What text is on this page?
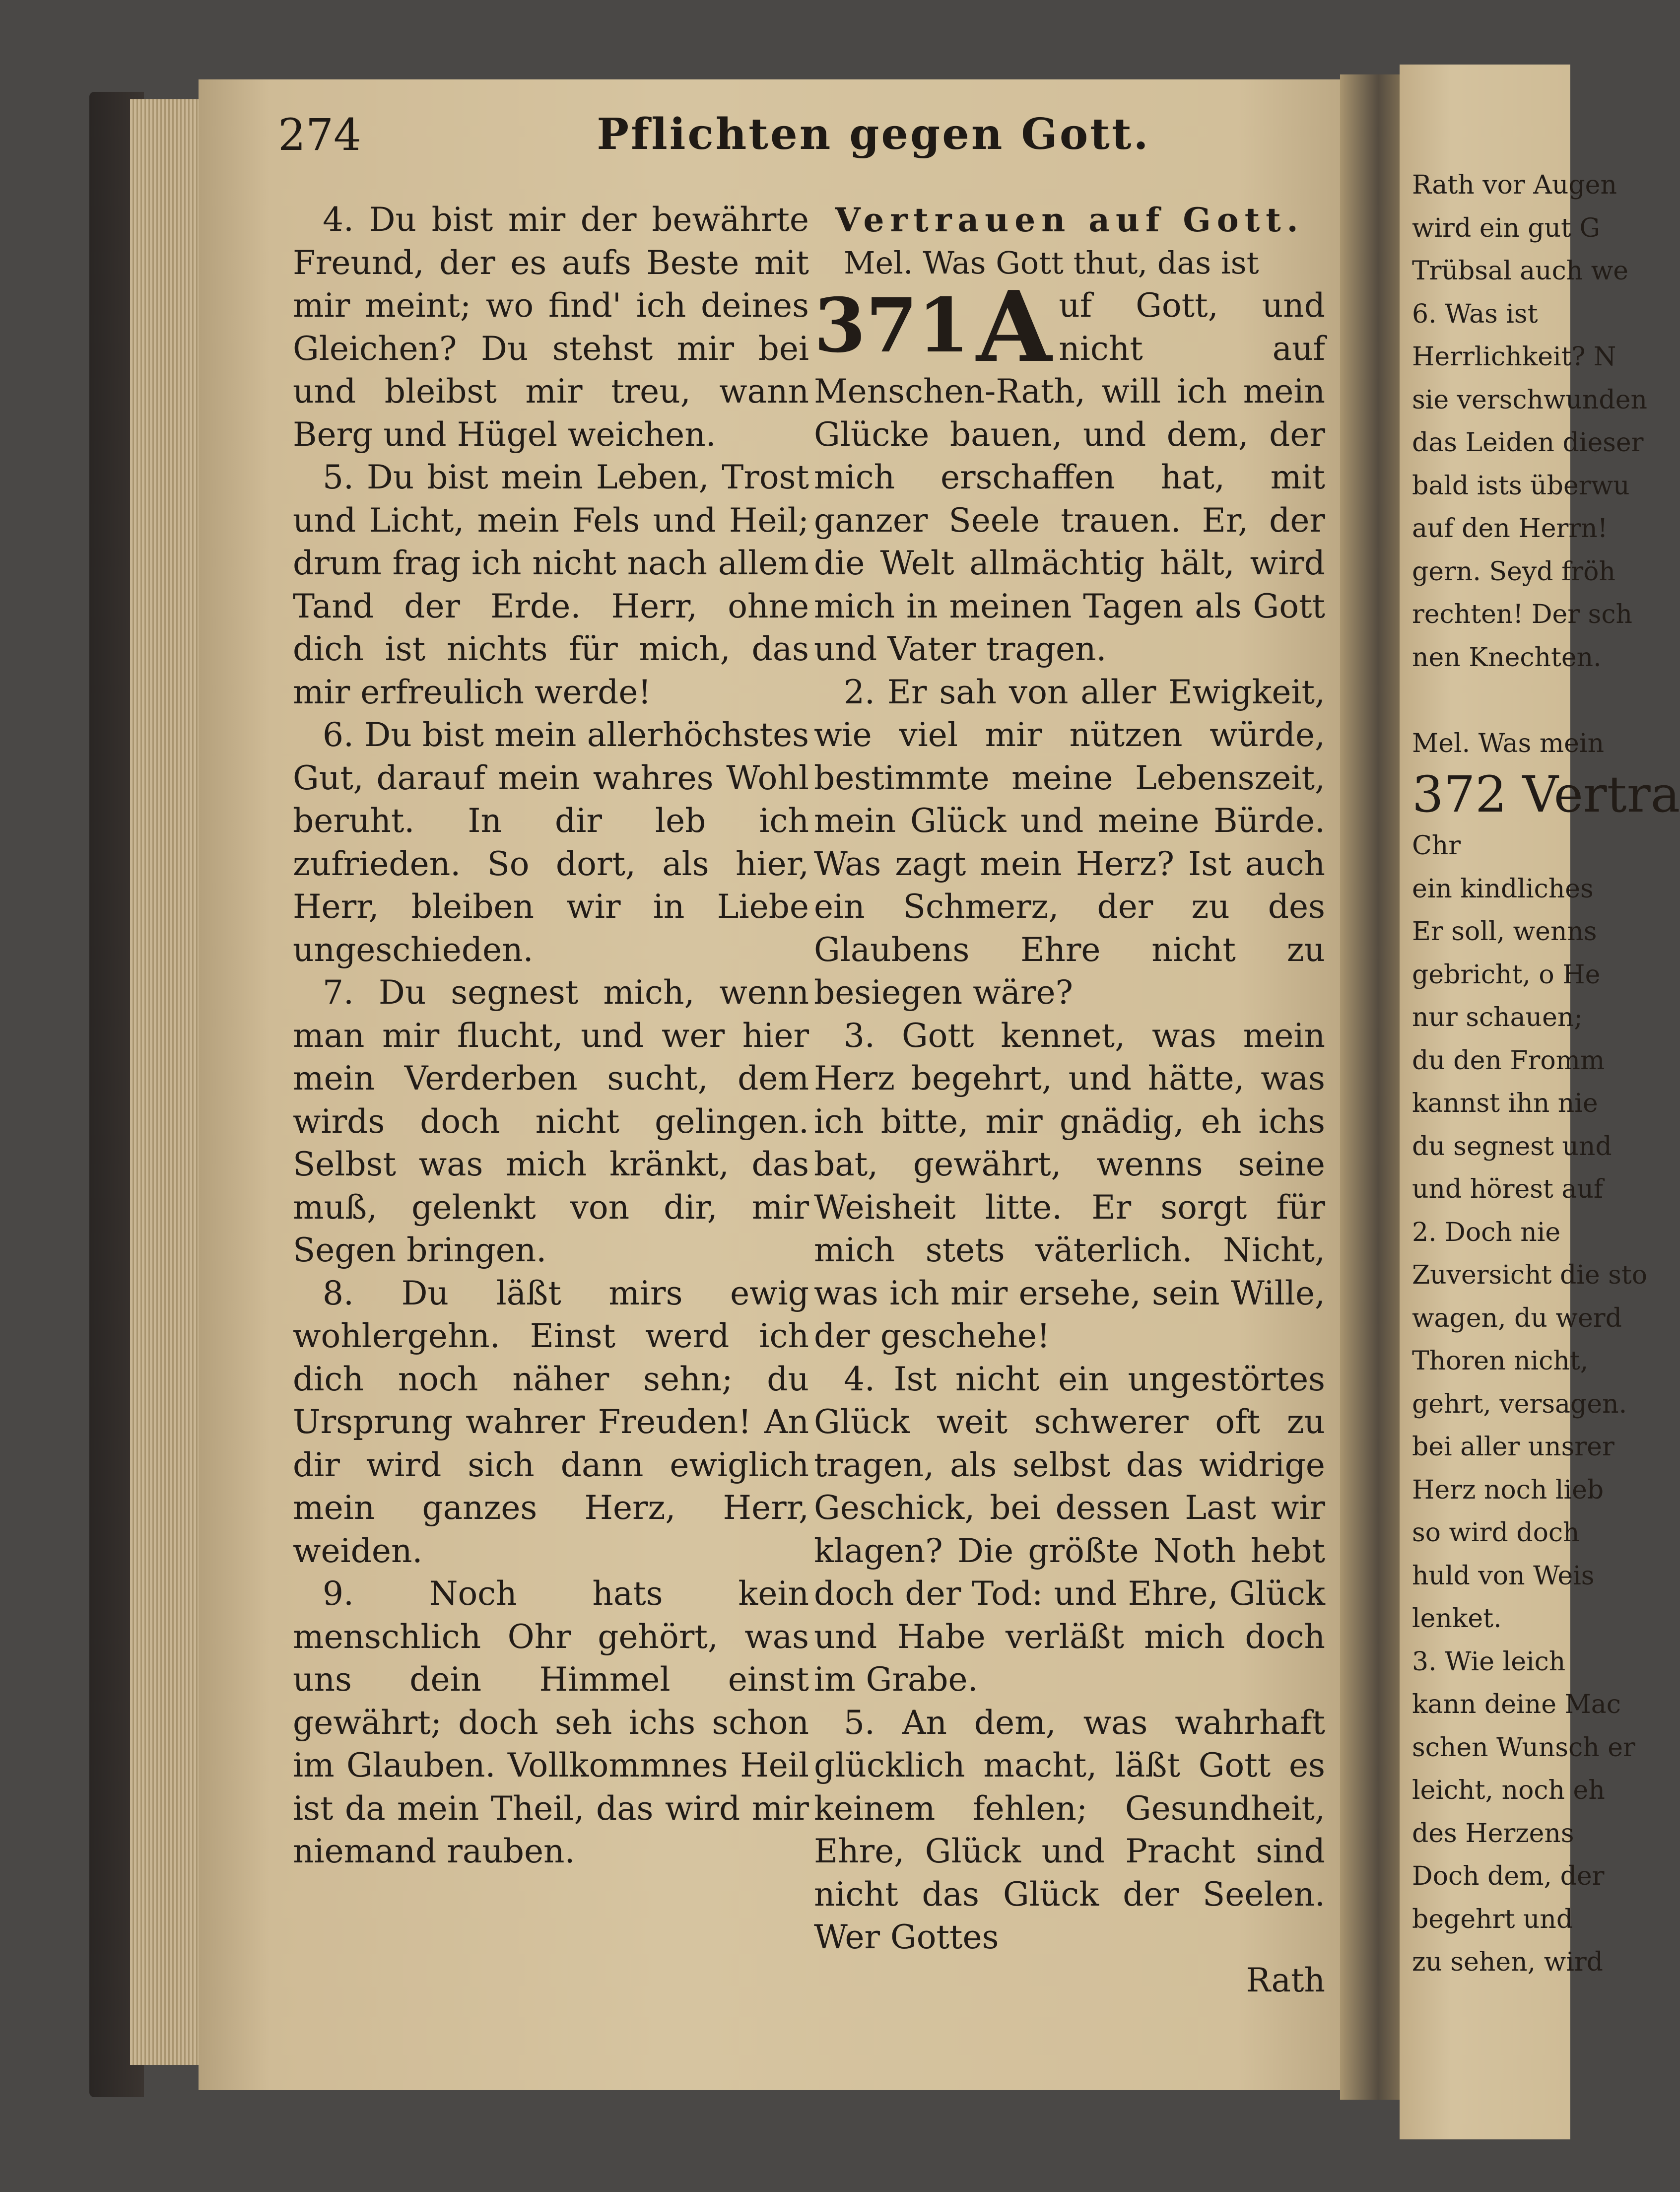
274	Pflichten gegen Gott.

4. Du bist mir der bewährte Freund, der es aufs Beste mit mir meint; wo find' ich deines Gleichen? Du stehst mir bei und bleibst mir treu, wann Berg und Hügel weichen.

5. Du bist mein Leben, Trost und Licht, mein Fels und Heil; drum frag ich nicht nach allem Tand der Erde. Herr, ohne dich ist nichts für mich, das mir erfreulich werde!

6. Du bist mein allerhöchstes Gut, darauf mein wahres Wohl beruht. In dir leb ich zufrieden. So dort, als hier, Herr, bleiben wir in Liebe ungeschieden.

7. Du segnest mich, wenn man mir flucht, und wer hier mein Verderben sucht, dem wirds doch nicht gelingen. Selbst was mich kränkt, das muß, gelenkt von dir, mir Segen bringen.

8. Du läßt mirs ewig wohlergehn. Einst werd ich dich noch näher sehn; du Ursprung wahrer Freuden! An dir wird sich dann ewiglich mein ganzes Herz, Herr, weiden.

9. Noch hats kein menschlich Ohr gehört, was uns dein Himmel einst gewährt; doch seh ichs schon im Glauben. Vollkommnes Heil ist da mein Theil, das wird mir niemand rauben.

Vertrauen auf Gott.

Mel. Was Gott thut, das ist

371 A uf Gott, und nicht auf Menschen-Rath, will ich mein Glücke bauen, und dem, der mich erschaffen hat, mit ganzer Seele trauen. Er, der die Welt allmächtig hält, wird mich in meinen Tagen als Gott und Vater tragen.

2. Er sah von aller Ewigkeit, wie viel mir nützen würde, bestimmte meine Lebenszeit, mein Glück und meine Bürde. Was zagt mein Herz? Ist auch ein Schmerz, der zu des Glaubens Ehre nicht zu besiegen wäre?

3. Gott kennet, was mein Herz begehrt, und hätte, was ich bitte, mir gnädig, eh ichs bat, gewährt, wenns seine Weisheit litte. Er sorgt für mich stets väterlich. Nicht, was ich mir ersehe, sein Wille, der geschehe!

4. Ist nicht ein ungestörtes Glück weit schwerer oft zu tragen, als selbst das widrige Geschick, bei dessen Last wir klagen? Die größte Noth hebt doch der Tod: und Ehre, Glück und Habe verläßt mich doch im Grabe.

5. An dem, was wahrhaft glücklich macht, läßt Gott es keinem fehlen; Gesundheit, Ehre, Glück und Pracht sind nicht das Glück der Seelen. Wer Gottes

Rath

Rath vor Augen
wird ein gut G
Trübsal auch we
6. Was ist
Herrlichkeit? N
sie verschwunden
das Leiden dieser
bald ists überwu
auf den Herrn!
gern. Seyd fröh
rechten! Der sch
nen Knechten.
Mel. Was mein
372 Vertra
Chr
ein kindliches
Er soll, wenns
gebricht, o He
nur schauen;
du den Fromm
kannst ihn nie
du segnest und
und hörest auf
2. Doch nie
Zuversicht die sto
wagen, du werd
Thoren nicht,
gehrt, versagen.
bei aller unsrer
Herz noch lieb
so wird doch
huld von Weis
lenket.
3. Wie leich
kann deine Mac
schen Wunsch er
leicht, noch eh
des Herzens
Doch dem, der
begehrt und
zu sehen, wird
